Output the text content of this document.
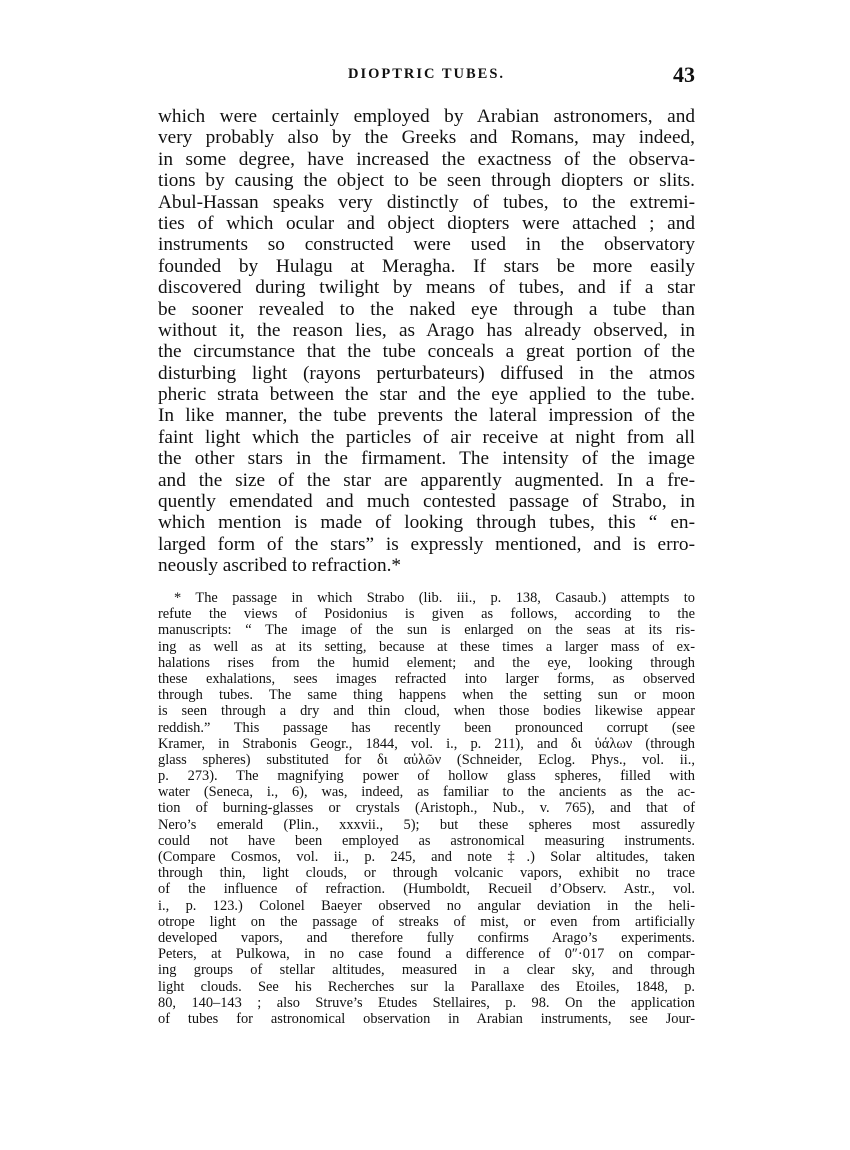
DIOPTRIC TUBES.	43
which were certainly employed by Arabian astronomers, and
very probably also by the Greeks and Romans, may indeed,
in some degree, have increased the exactness of the observa-
tions by causing the object to be seen through diopters or slits.
Abul-Hassan speaks very distinctly of tubes, to the extremi-
ties of which ocular and object diopters were attached ; and
instruments so constructed were used in the observatory
founded by Hulagu at Meragha. If stars be more easily
discovered during twilight by means of tubes, and if a star
be sooner revealed to the naked eye through a tube than
without it, the reason lies, as Arago has already observed, in
the circumstance that the tube conceals a great portion of the
disturbing light (rayons perturbateurs) diffused in the atmos
pheric strata between the star and the eye applied to the tube.
In like manner, the tube prevents the lateral impression of the
faint light which the particles of air receive at night from all
the other stars in the firmament. The intensity of the image
and the size of the star are apparently augmented. In a fre-
quently emendated and much contested passage of Strabo, in
which mention is made of looking through tubes, this “ en-
larged form of the stars” is expressly mentioned, and is erro-
neously ascribed to refraction.*
* The passage in which Strabo (lib. iii., p. 138, Casaub.) attempts to
refute the views of Posidonius is given as follows, according to the
manuscripts: “ The image of the sun is enlarged on the seas at its ris-
ing as well as at its setting, because at these times a larger mass of ex-
halations rises from the humid element; and the eye, looking through
these exhalations, sees images refracted into larger forms, as observed
through tubes. The same thing happens when the setting sun or moon
is seen through a dry and thin cloud, when those bodies likewise appear
reddish.” This passage has recently been pronounced corrupt (see
Kramer, in Strabonis Geogr., 1844, vol. i., p. 211), and δι ὑάλων (through
glass spheres) substituted for δι αὐλῶν (Schneider, Eclog. Phys., vol. ii.,
p. 273). The magnifying power of hollow glass spheres, filled with
water (Seneca, i., 6), was, indeed, as familiar to the ancients as the ac-
tion of burning-glasses or crystals (Aristoph., Nub., v. 765), and that of
Nero’s emerald (Plin., xxxvii., 5); but these spheres most assuredly
could not have been employed as astronomical measuring instruments.
(Compare Cosmos, vol. ii., p. 245, and note ‡.) Solar altitudes, taken
through thin, light clouds, or through volcanic vapors, exhibit no trace
of the influence of refraction. (Humboldt, Recueil d’Observ. Astr., vol.
i., p. 123.) Colonel Baeyer observed no angular deviation in the heli-
otrope light on the passage of streaks of mist, or even from artificially
developed vapors, and therefore fully confirms Arago’s experiments.
Peters, at Pulkowa, in no case found a difference of 0″·017 on compar-
ing groups of stellar altitudes, measured in a clear sky, and through
light clouds. See his Recherches sur la Parallaxe des Etoiles, 1848, p.
80, 140–143 ; also Struve’s Etudes Stellaires, p. 98. On the application
of tubes for astronomical observation in Arabian instruments, see Jour-
